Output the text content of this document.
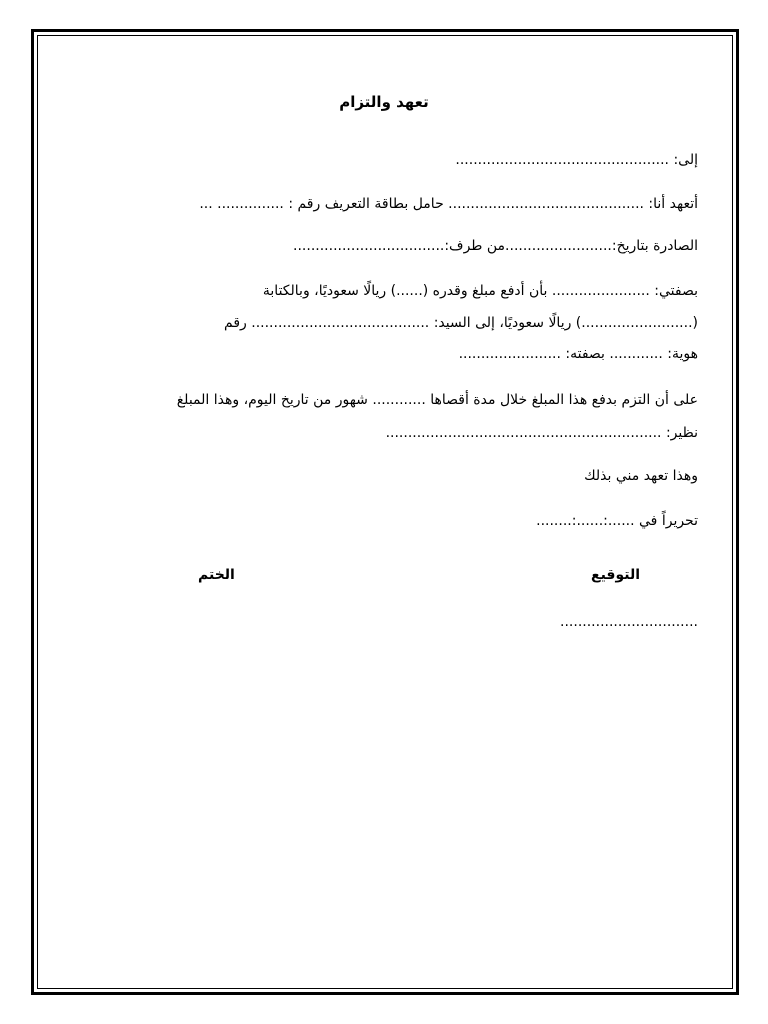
تعهد والتزام
إلى: ................................................
أتعهد أنا: ............................................ حامل بطاقة التعريف رقم : ............... ...
الصادرة بتاريخ:........................من طرف:..................................
بصفتي: ...................... بأن أدفع مبلغ وقدره (......) ريالًا سعوديًا، وبالكتابة
(.........................) ريالًا سعوديًا، إلى السيد: ........................................ رقم
هوية: ............ بصفته: .......................
على أن التزم بدفع هذا المبلغ خلال مدة أقصاها ............ شهور من تاريخ اليوم، وهذا المبلغ
نظير: ..............................................................
وهذا تعهد مني بذلك
تحريراً في ......:......:........
التوقيع
الختم
...............................
